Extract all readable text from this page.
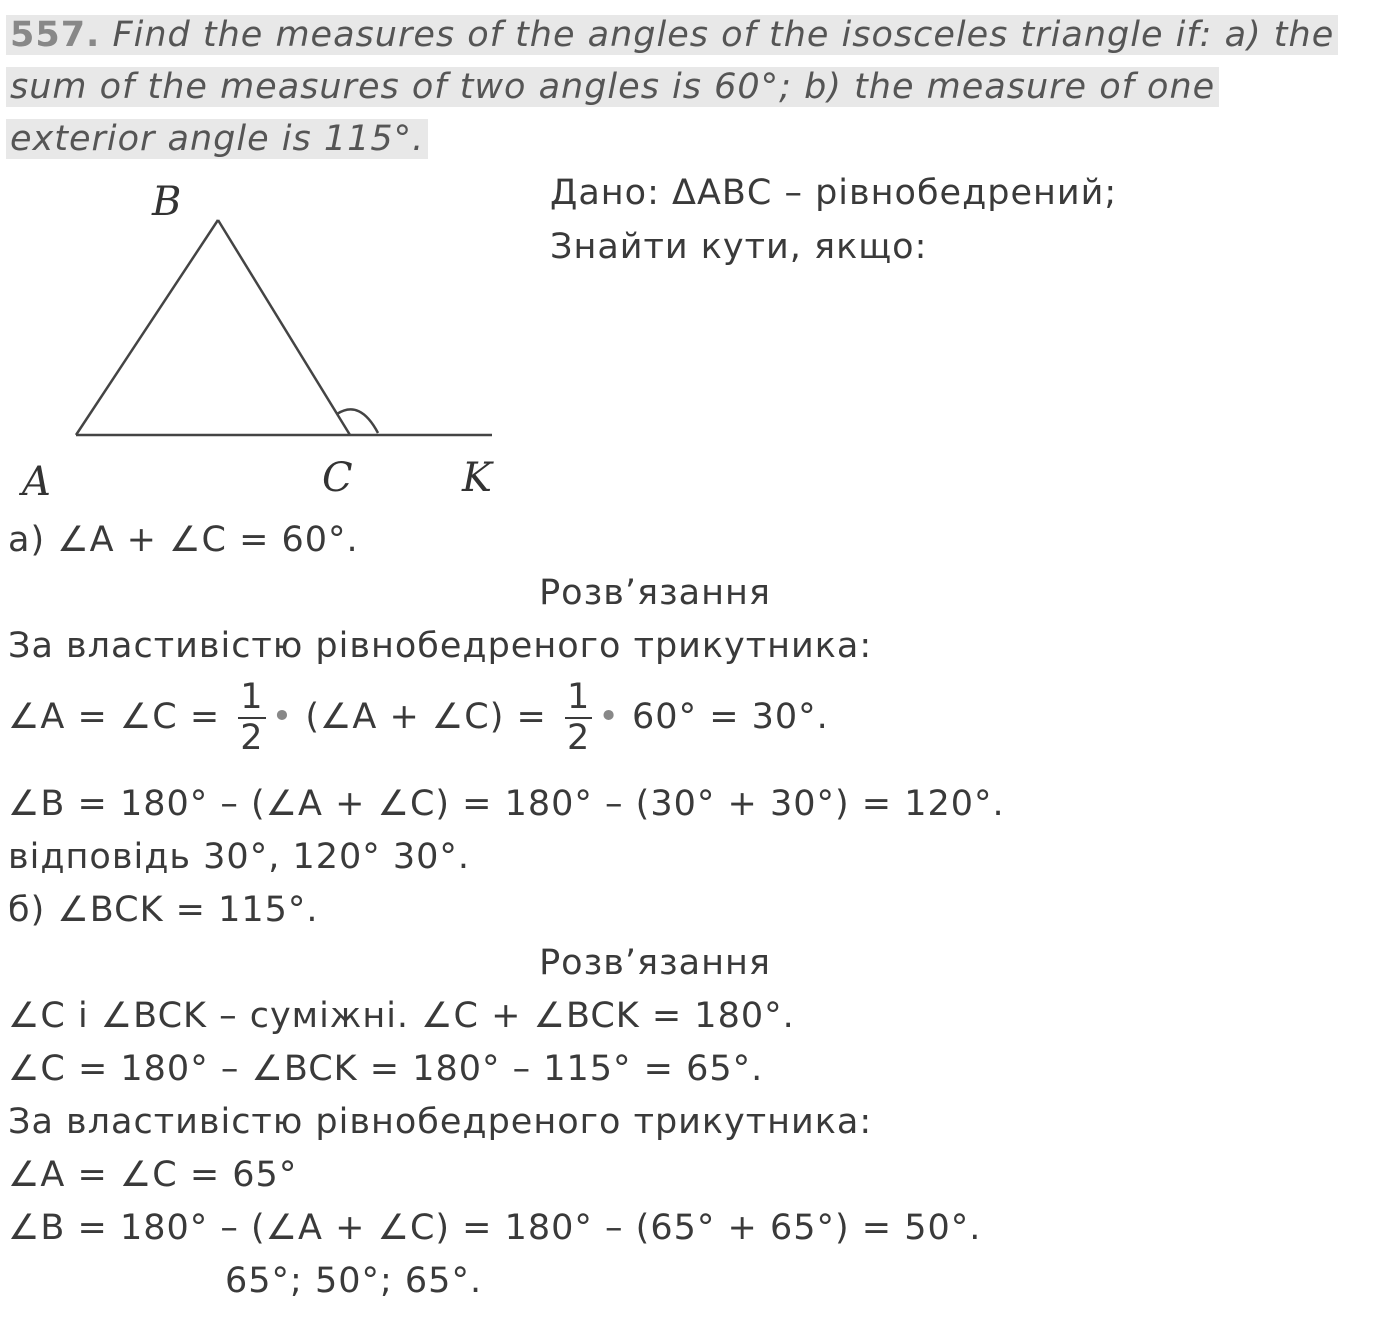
557. Find the measures of the angles of the isosceles triangle if: a) the
sum of the measures of two angles is 60°; b) the measure of one
exterior angle is 115°.
B
A	C	K
Дано: ΔАВС – рівнобедрений;
Знайти кути, якщо:
а) ∠A + ∠C = 60°.
Розв’язання
За властивістю рівнобедреного трикутника:
∠A = ∠C = $\frac{1}{2}$ • (∠A + ∠C) = $\frac{1}{2}$ • 60° = 30°.
∠B = 180° – (∠A + ∠C) = 180° – (30° + 30°) = 120°.
відповідь 30°, 120° 30°.
б) ∠BCK = 115°.
Розв’язання
∠C і ∠BCK – суміжні. ∠C + ∠BCK = 180°.
∠C = 180° – ∠BCK = 180° – 115° = 65°.
За властивістю рівнобедреного трикутника:
∠A = ∠C = 65°
∠B = 180° – (∠A + ∠C) = 180° – (65° + 65°) = 50°.
65°; 50°; 65°.
